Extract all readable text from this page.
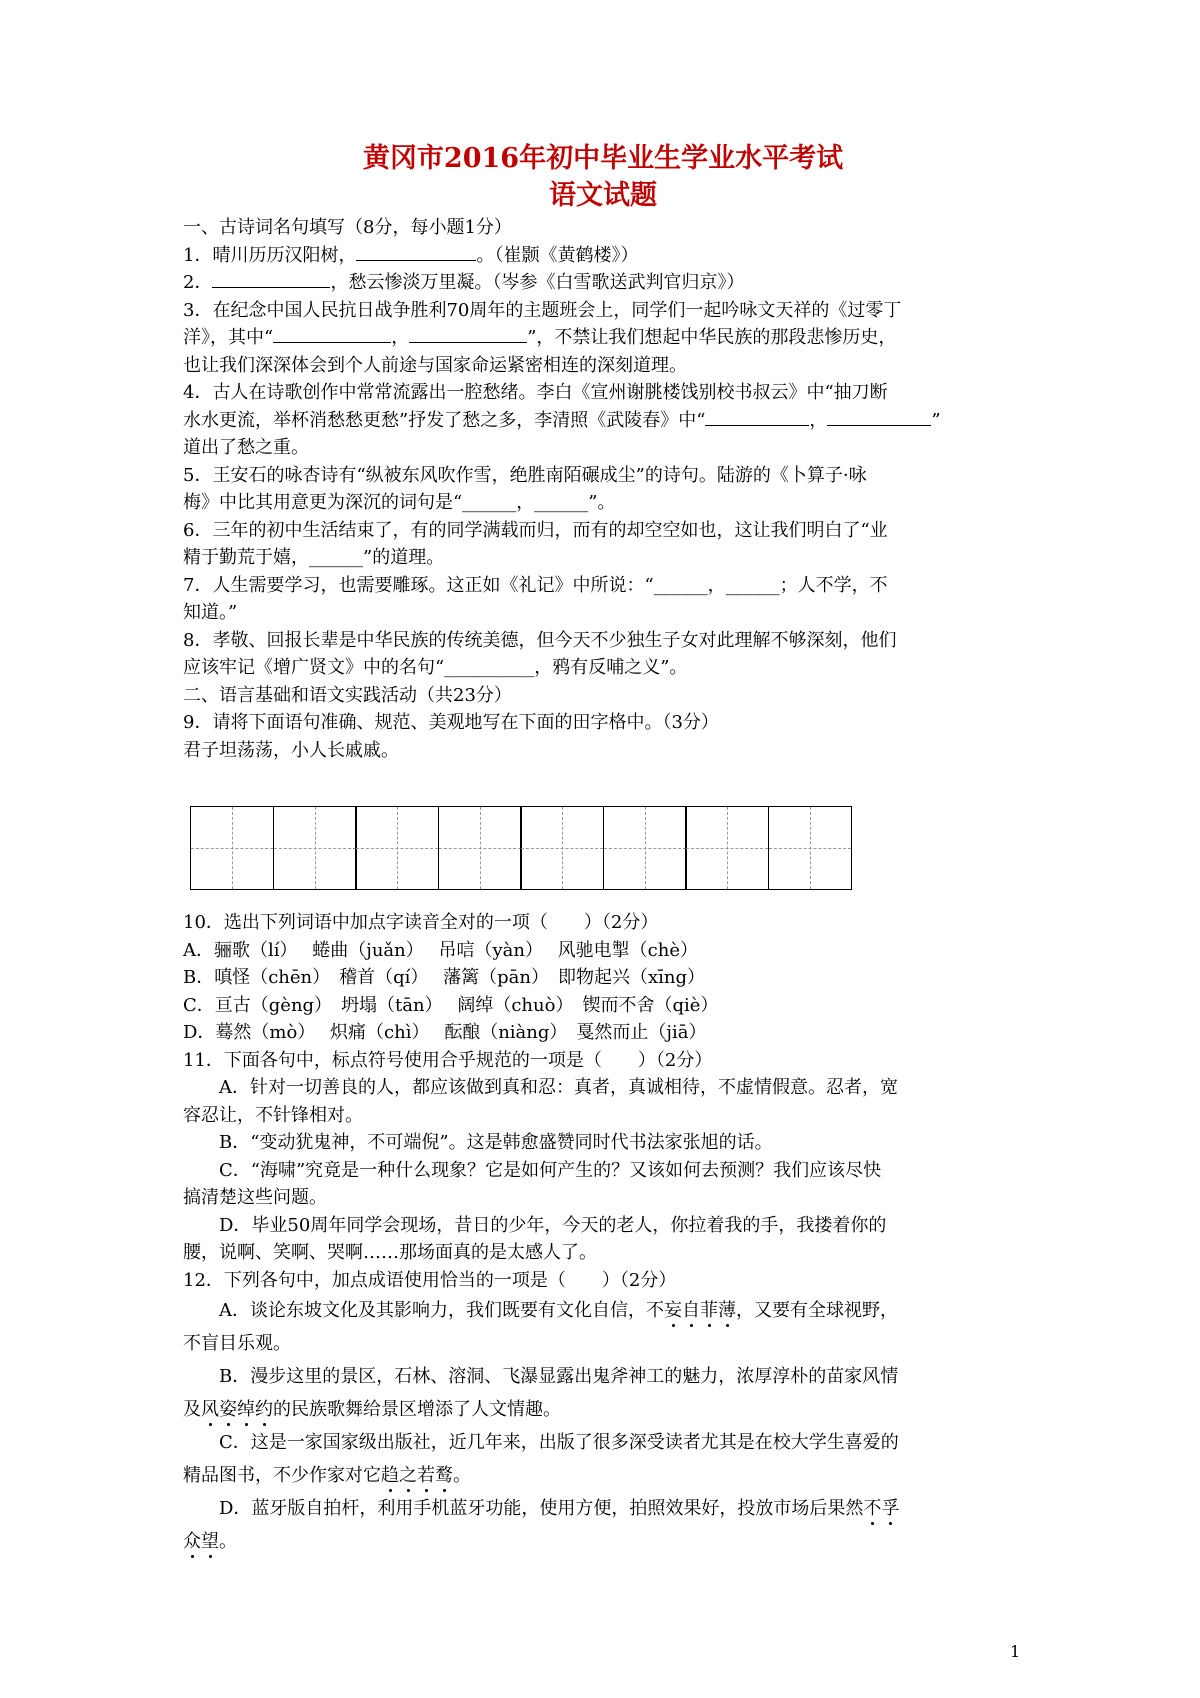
黄冈市2016年初中毕业生学业水平考试

语文试题

一、古诗词名句填写（8分，每小题1分）

1．晴川历历汉阳树，	。（崔颢《黄鹤楼》）

2．	，愁云惨淡万里凝。（岑参《白雪歌送武判官归京》）

3．在纪念中国人民抗日战争胜利70周年的主题班会上，同学们一起吟咏文天祥的《过零丁

洋》，其中“	，	”，不禁让我们想起中华民族的那段悲惨历史，

也让我们深深体会到个人前途与国家命运紧密相连的深刻道理。

4．古人在诗歌创作中常常流露出一腔愁绪。李白《宣州谢朓楼饯别校书叔云》中“抽刀断

水水更流，举杯消愁愁更愁”抒发了愁之多，李清照《武陵春》中“	，	”

道出了愁之重。

5．王安石的咏杏诗有“纵被东风吹作雪，绝胜南陌碾成尘”的诗句。陆游的《卜算子·咏

梅》中比其用意更为深沉的词句是“______，______”。

6．三年的初中生活结束了，有的同学满载而归，而有的却空空如也，这让我们明白了“业

精于勤荒于嬉，______”的道理。

7．人生需要学习，也需要雕琢。这正如《礼记》中所说：“______，______；人不学，不

知道。”

8．孝敬、回报长辈是中华民族的传统美德，但今天不少独生子女对此理解不够深刻，他们

应该牢记《增广贤文》中的名句“__________，鸦有反哺之义”。

二、语言基础和语文实践活动（共23分）

9．请将下面语句准确、规范、美观地写在下面的田字格中。（3分）

君子坦荡荡，小人长戚戚。

10．选出下列词语中加点字读音全对的一项（　　）（2分）

A．骊歌（lí）　 蜷曲（juǎn）　 吊唁（yàn）　 风驰电掣（chè）

B．嗔怪（chēn）　稽首（qí）　 藩篱（pān）　即物起兴（xīng）

C．亘古（gèng）　坍塌（tān）　 阔绰（chuò）　锲而不舍（qiè）

D．蓦然（mò）　 炽痛（chì）　 酝酿（niàng）　戛然而止（jiā）

11．下面各句中，标点符号使用合乎规范的一项是（　　）（2分）

A．针对一切善良的人，都应该做到真和忍：真者，真诚相待，不虚情假意。忍者，宽

容忍让，不针锋相对。

B．“变动犹鬼神，不可端倪”。这是韩愈盛赞同时代书法家张旭的话。

C．“海啸”究竟是一种什么现象？它是如何产生的？又该如何去预测？我们应该尽快

搞清楚这些问题。

D．毕业50周年同学会现场，昔日的少年，今天的老人，你拉着我的手，我搂着你的

腰，说啊、笑啊、哭啊……那场面真的是太感人了。

12．下列各句中，加点成语使用恰当的一项是（　　）（2分）

A．谈论东坡文化及其影响力，我们既要有文化自信，不妄自菲薄，又要有全球视野，

不盲目乐观。

B．漫步这里的景区，石林、溶洞、飞瀑显露出鬼斧神工的魅力，浓厚淳朴的苗家风情

及风姿绰约的民族歌舞给景区增添了人文情趣。

C．这是一家国家级出版社，近几年来，出版了很多深受读者尤其是在校大学生喜爱的

精品图书，不少作家对它趋之若鹜。

D．蓝牙版自拍杆，利用手机蓝牙功能，使用方便，拍照效果好，投放市场后果然不孚

众望。

1
